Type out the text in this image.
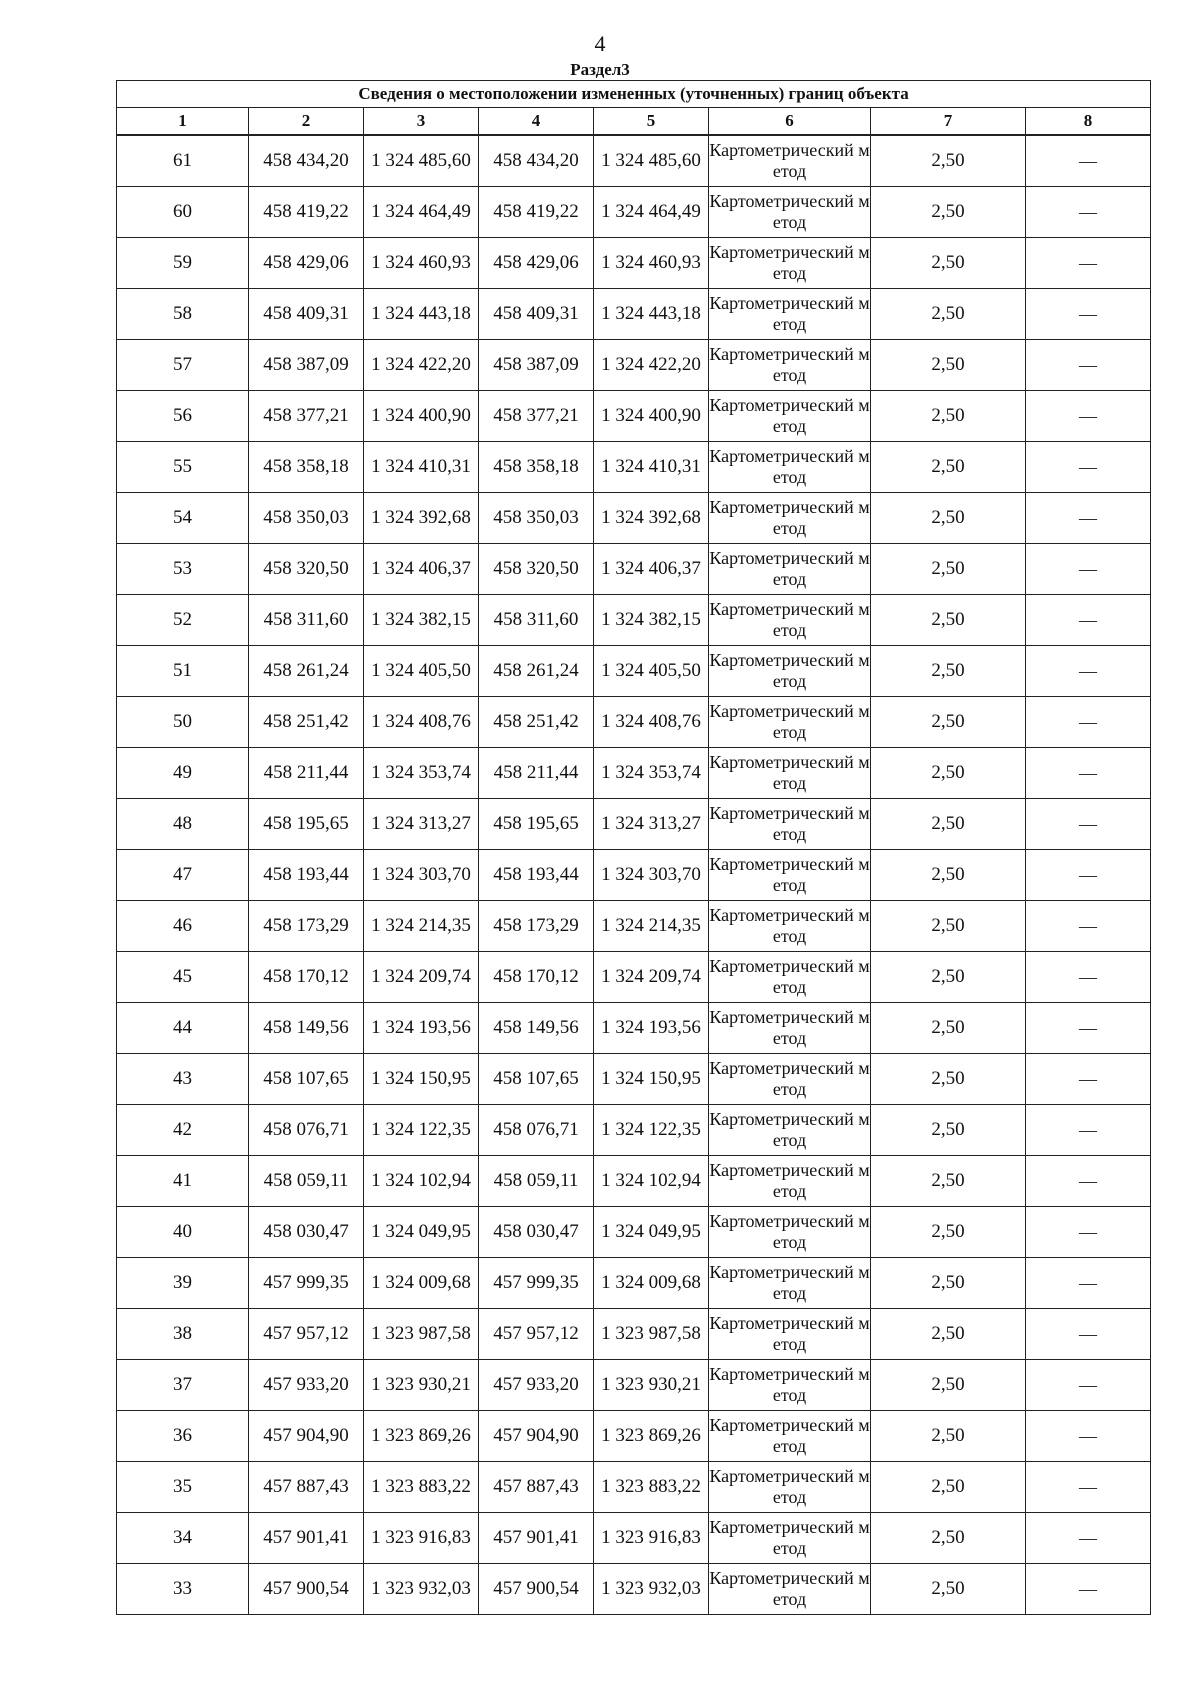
4
Раздел3
Сведения о местоположении измененных (уточненных) границ объекта							
1	2	3	4	5	6	7	8
61	458 434,20	1 324 485,60	458 434,20	1 324 485,60	Картометрический метод	2,50	—
60	458 419,22	1 324 464,49	458 419,22	1 324 464,49	Картометрический метод	2,50	—
59	458 429,06	1 324 460,93	458 429,06	1 324 460,93	Картометрический метод	2,50	—
58	458 409,31	1 324 443,18	458 409,31	1 324 443,18	Картометрический метод	2,50	—
57	458 387,09	1 324 422,20	458 387,09	1 324 422,20	Картометрический метод	2,50	—
56	458 377,21	1 324 400,90	458 377,21	1 324 400,90	Картометрический метод	2,50	—
55	458 358,18	1 324 410,31	458 358,18	1 324 410,31	Картометрический метод	2,50	—
54	458 350,03	1 324 392,68	458 350,03	1 324 392,68	Картометрический метод	2,50	—
53	458 320,50	1 324 406,37	458 320,50	1 324 406,37	Картометрический метод	2,50	—
52	458 311,60	1 324 382,15	458 311,60	1 324 382,15	Картометрический метод	2,50	—
51	458 261,24	1 324 405,50	458 261,24	1 324 405,50	Картометрический метод	2,50	—
50	458 251,42	1 324 408,76	458 251,42	1 324 408,76	Картометрический метод	2,50	—
49	458 211,44	1 324 353,74	458 211,44	1 324 353,74	Картометрический метод	2,50	—
48	458 195,65	1 324 313,27	458 195,65	1 324 313,27	Картометрический метод	2,50	—
47	458 193,44	1 324 303,70	458 193,44	1 324 303,70	Картометрический метод	2,50	—
46	458 173,29	1 324 214,35	458 173,29	1 324 214,35	Картометрический метод	2,50	—
45	458 170,12	1 324 209,74	458 170,12	1 324 209,74	Картометрический метод	2,50	—
44	458 149,56	1 324 193,56	458 149,56	1 324 193,56	Картометрический метод	2,50	—
43	458 107,65	1 324 150,95	458 107,65	1 324 150,95	Картометрический метод	2,50	—
42	458 076,71	1 324 122,35	458 076,71	1 324 122,35	Картометрический метод	2,50	—
41	458 059,11	1 324 102,94	458 059,11	1 324 102,94	Картометрический метод	2,50	—
40	458 030,47	1 324 049,95	458 030,47	1 324 049,95	Картометрический метод	2,50	—
39	457 999,35	1 324 009,68	457 999,35	1 324 009,68	Картометрический метод	2,50	—
38	457 957,12	1 323 987,58	457 957,12	1 323 987,58	Картометрический метод	2,50	—
37	457 933,20	1 323 930,21	457 933,20	1 323 930,21	Картометрический метод	2,50	—
36	457 904,90	1 323 869,26	457 904,90	1 323 869,26	Картометрический метод	2,50	—
35	457 887,43	1 323 883,22	457 887,43	1 323 883,22	Картометрический метод	2,50	—
34	457 901,41	1 323 916,83	457 901,41	1 323 916,83	Картометрический метод	2,50	—
33	457 900,54	1 323 932,03	457 900,54	1 323 932,03	Картометрический метод	2,50	—
